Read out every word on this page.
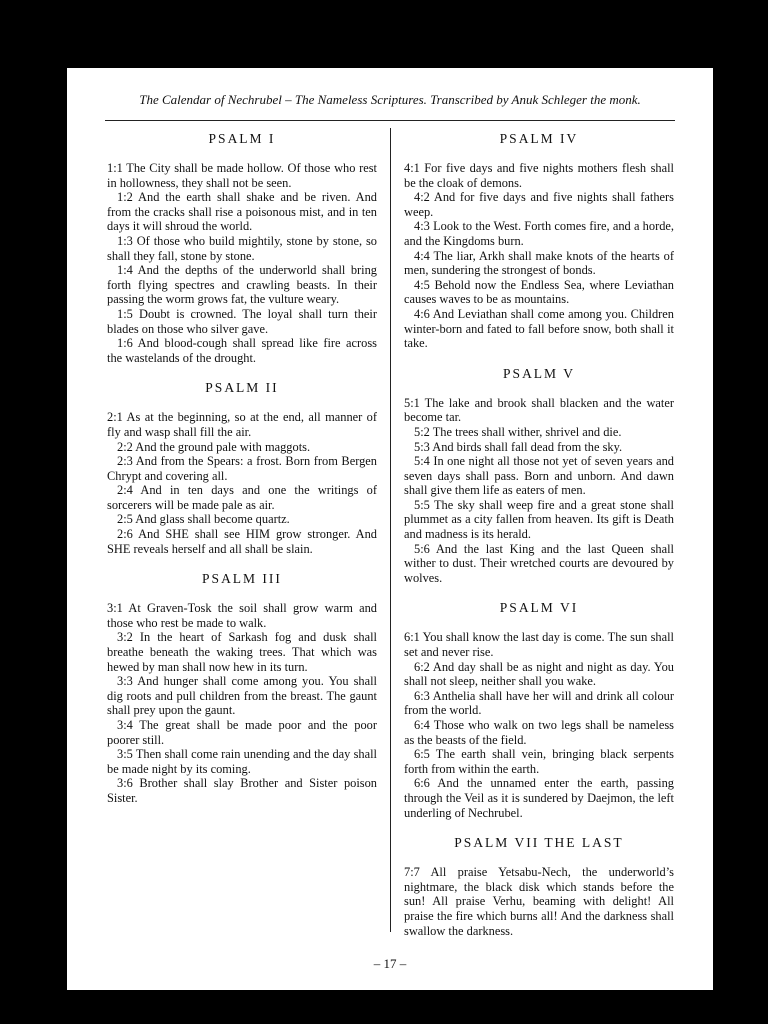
The Calendar of Nechrubel – The Nameless Scriptures. Transcribed by Anuk Schleger the monk.
PSALM I

1:1 The City shall be made hollow. Of those who rest in hollowness, they shall not be seen.

1:2 And the earth shall shake and be riven. And from the cracks shall rise a poisonous mist, and in ten days it will shroud the world.

1:3 Of those who build mightily, stone by stone, so shall they fall, stone by stone.

1:4 And the depths of the underworld shall bring forth flying spectres and crawling beasts. In their passing the worm grows fat, the vulture weary.

1:5 Doubt is crowned. The loyal shall turn their blades on those who silver gave.

1:6 And blood-cough shall spread like fire across the wastelands of the drought.

PSALM II

2:1 As at the beginning, so at the end, all manner of fly and wasp shall fill the air.

2:2 And the ground pale with maggots.

2:3 And from the Spears: a frost. Born from Bergen Chrypt and covering all.

2:4 And in ten days and one the writings of sorcerers will be made pale as air.

2:5 And glass shall become quartz.

2:6 And SHE shall see HIM grow stronger. And SHE reveals herself and all shall be slain.

PSALM III

3:1 At Graven-Tosk the soil shall grow warm and those who rest be made to walk.

3:2 In the heart of Sarkash fog and dusk shall breathe beneath the waking trees. That which was hewed by man shall now hew in its turn.

3:3 And hunger shall come among you. You shall dig roots and pull children from the breast. The gaunt shall prey upon the gaunt.

3:4 The great shall be made poor and the poor poorer still.

3:5 Then shall come rain unending and the day shall be made night by its coming.

3:6 Brother shall slay Brother and Sister poison Sister.

PSALM IV

4:1 For five days and five nights mothers flesh shall be the cloak of demons.

4:2 And for five days and five nights shall fathers weep.

4:3 Look to the West. Forth comes fire, and a horde, and the Kingdoms burn.

4:4 The liar, Arkh shall make knots of the hearts of men, sundering the strongest of bonds.

4:5 Behold now the Endless Sea, where Leviathan causes waves to be as mountains.

4:6 And Leviathan shall come among you. Children winter-born and fated to fall before snow, both shall it take.

PSALM V

5:1 The lake and brook shall blacken and the water become tar.

5:2 The trees shall wither, shrivel and die.

5:3 And birds shall fall dead from the sky.

5:4 In one night all those not yet of seven years and seven days shall pass. Born and unborn. And dawn shall give them life as eaters of men.

5:5 The sky shall weep fire and a great stone shall plummet as a city fallen from heaven. Its gift is Death and madness is its herald.

5:6 And the last King and the last Queen shall wither to dust. Their wretched courts are devoured by wolves.

PSALM VI

6:1 You shall know the last day is come. The sun shall set and never rise.

6:2 And day shall be as night and night as day. You shall not sleep, neither shall you wake.

6:3 Anthelia shall have her will and drink all colour from the world.

6:4 Those who walk on two legs shall be nameless as the beasts of the field.

6:5 The earth shall vein, bringing black serpents forth from within the earth.

6:6 And the unnamed enter the earth, passing through the Veil as it is sundered by Daejmon, the left underling of Nechrubel.

PSALM VII THE LAST

7:7 All praise Yetsabu-Nech, the underworld’s nightmare, the black disk which stands before the sun! All praise Verhu, beaming with delight! All praise the fire which burns all! And the darkness shall swallow the darkness.

– 17 –
